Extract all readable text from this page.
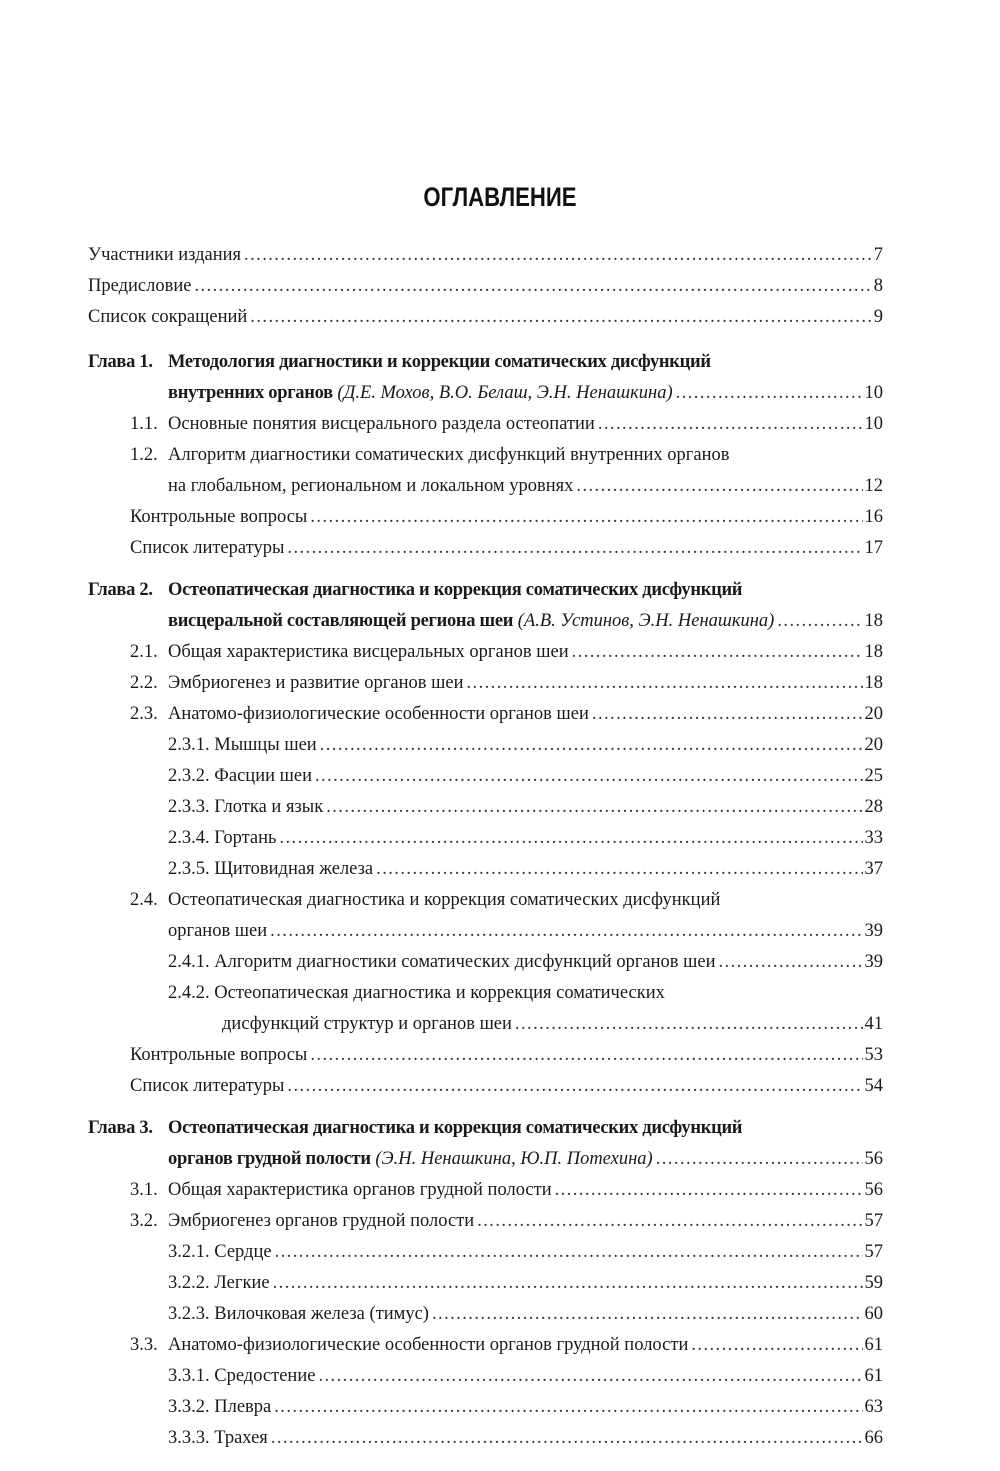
ОГЛАВЛЕНИЕ
Участники издания . . .	7
Предисловие . . .	8
Список сокращений . . .	9
Глава 1. Методология диагностики и коррекции соматических дисфункций
внутренних органов (Д.Е. Мохов, В.О. Белаш, Э.Н. Ненашкина) . . .	10
1.1. Основные понятия висцерального раздела остеопатии . . .	10
1.2. Алгоритм диагностики соматических дисфункций внутренних органов
на глобальном, региональном и локальном уровнях . . .	12
Контрольные вопросы . . .	16
Список литературы . . .	17
Глава 2. Остеопатическая диагностика и коррекция соматических дисфункций
висцеральной составляющей региона шеи (А.В. Устинов, Э.Н. Ненашкина) . . .	18
2.1. Общая характеристика висцеральных органов шеи . . .	18
2.2. Эмбриогенез и развитие органов шеи . . .	18
2.3. Анатомо-физиологические особенности органов шеи . . .	20
2.3.1. Мышцы шеи . . .	20
2.3.2. Фасции шеи . . .	25
2.3.3. Глотка и язык . . .	28
2.3.4. Гортань . . .	33
2.3.5. Щитовидная железа . . .	37
2.4. Остеопатическая диагностика и коррекция соматических дисфункций
органов шеи . . .	39
2.4.1. Алгоритм диагностики соматических дисфункций органов шеи . . .	39
2.4.2. Остеопатическая диагностика и коррекция соматических
дисфункций структур и органов шеи . . .	41
Контрольные вопросы . . .	53
Список литературы . . .	54
Глава 3. Остеопатическая диагностика и коррекция соматических дисфункций
органов грудной полости (Э.Н. Ненашкина, Ю.П. Потехина) . . .	56
3.1. Общая характеристика органов грудной полости . . .	56
3.2. Эмбриогенез органов грудной полости . . .	57
3.2.1. Сердце . . .	57
3.2.2. Легкие . . .	59
3.2.3. Вилочковая железа (тимус) . . .	60
3.3. Анатомо-физиологические особенности органов грудной полости . . .	61
3.3.1. Средостение . . .	61
3.3.2. Плевра . . .	63
3.3.3. Трахея . . .	66
